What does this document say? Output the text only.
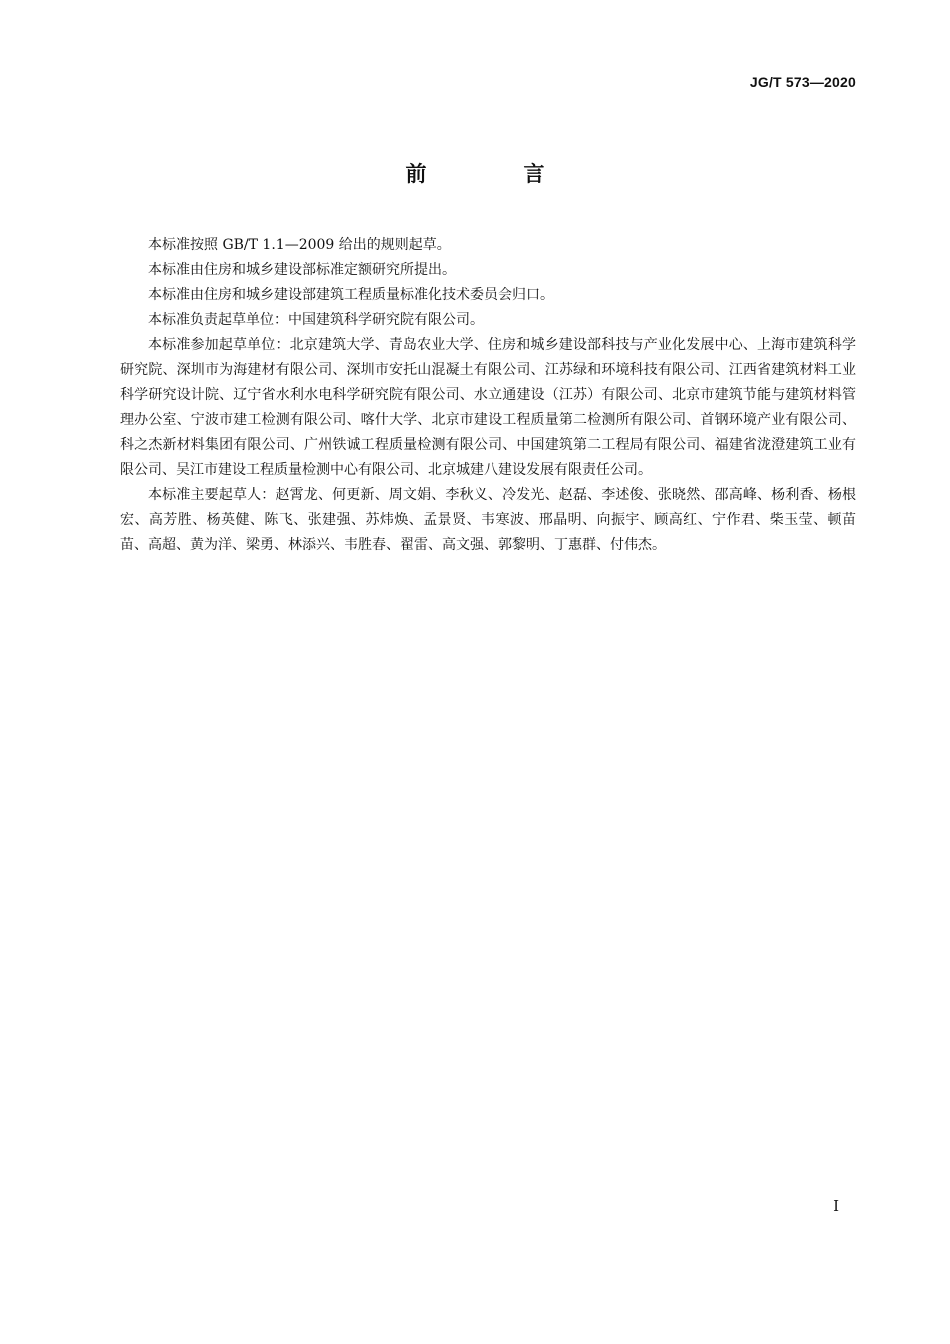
JG/T 573—2020
前　言

本标准按照 GB/T 1.1—2009 给出的规则起草。

本标准由住房和城乡建设部标准定额研究所提出。

本标准由住房和城乡建设部建筑工程质量标准化技术委员会归口。

本标准负责起草单位：中国建筑科学研究院有限公司。

本标准参加起草单位：北京建筑大学、青岛农业大学、住房和城乡建设部科技与产业化发展中心、上海市建筑科学研究院、深圳市为海建材有限公司、深圳市安托山混凝土有限公司、江苏绿和环境科技有限公司、江西省建筑材料工业科学研究设计院、辽宁省水利水电科学研究院有限公司、水立通建设（江苏）有限公司、北京市建筑节能与建筑材料管理办公室、宁波市建工检测有限公司、喀什大学、北京市建设工程质量第二检测所有限公司、首钢环境产业有限公司、科之杰新材料集团有限公司、广州铁诚工程质量检测有限公司、中国建筑第二工程局有限公司、福建省泷澄建筑工业有限公司、吴江市建设工程质量检测中心有限公司、北京城建八建设发展有限责任公司。

本标准主要起草人：赵霄龙、何更新、周文娟、李秋义、冷发光、赵磊、李述俊、张晓然、邵高峰、杨利香、杨根宏、高芳胜、杨英健、陈飞、张建强、苏炜焕、孟景贤、韦寒波、邢晶明、向振宇、顾高红、宁作君、柴玉莹、顿苗苗、高超、黄为洋、梁勇、林添兴、韦胜春、翟雷、高文强、郭黎明、丁惠群、付伟杰。

I
